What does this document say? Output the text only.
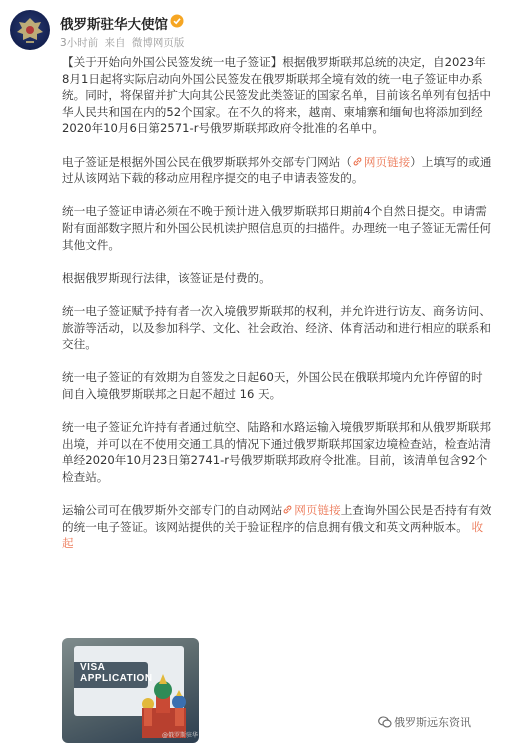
俄罗斯驻华大使馆
3小时前 来自 微博网页版
【关于开始向外国公民签发统一电子签证】根据俄罗斯联邦总统的决定，自2023年8月1日起将实际启动向外国公民签发在俄罗斯联邦全境有效的统一电子签证申办系统。同时，将保留并扩大向其公民签发此类签证的国家名单，目前该名单列有包括中华人民共和国在内的52个国家。在不久的将来，越南、柬埔寨和缅甸也将添加到经2020年10月6日第2571-r号俄罗斯联邦政府令批准的名单中。
电子签证是根据外国公民在俄罗斯联邦外交部专门网站（ 网页链接）上填写的或通过从该网站下载的移动应用程序提交的电子申请表签发的。
统一电子签证申请必须在不晚于预计进入俄罗斯联邦日期前4个自然日提交。申请需附有面部数字照片和外国公民机读护照信息页的扫描件。办理统一电子签证无需任何其他文件。
根据俄罗斯现行法律，该签证是付费的。
统一电子签证赋予持有者一次入境俄罗斯联邦的权利，并允许进行访友、商务访问、旅游等活动，以及参加科学、文化、社会政治、经济、体育活动和进行相应的联系和交往。
统一电子签证的有效期为自签发之日起60天，外国公民在俄联邦境内允许停留的时间自入境俄罗斯联邦之日起不超过 16 天。
统一电子签证允许持有者通过航空、陆路和水路运输入境俄罗斯联邦和从俄罗斯联邦出境，并可以在不使用交通工具的情况下通过俄罗斯联邦国家边境检查站，检查站清单经2020年10月23日第2741-r号俄罗斯联邦政府令批准。目前，该清单包含92个检查站。
运输公司可在俄罗斯外交部专门的自动网站 网页链接上查询外国公民是否持有有效的统一电子签证。该网站提供的关于验证程序的信息拥有俄文和英文两种版本。 收起
VISA
APPLICATION
@俄罗斯驻华
俄罗斯远东资讯
